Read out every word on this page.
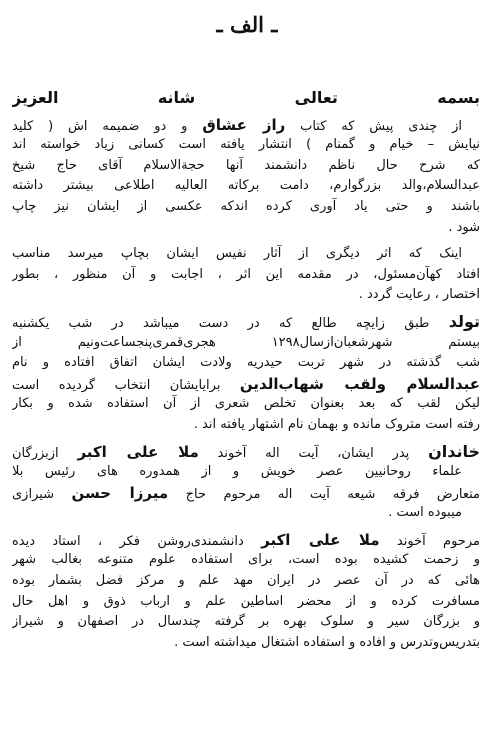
ـ الف ـ
بسمه تعالی شانه العزیز
از چندی پیش که کتاب راز عشاق و دو ضمیمه اش ( کلید
نیایش – خیام و گمنام ) انتشار یافته است کسانی زیاد خواسته اند
که شرح حال ناظم دانشمند آنها حجةالاسلام آقای حاج شیخ
عبدالسلام،والد بزرگوارم، دامت برکاته العالیه اطلاعی بیشتر داشته
باشند و حتی یاد آوری کرده اندکه عکسی از ایشان نیز چاپ
شود .
اینک که اثر دیگری از آثار نفیس ایشان بچاپ میرسد مناسب
افتاد کهآن‌مسئول، در مقدمه این اثر ، اجابت و آن منظور ، بطور
اختصار ، رعایت گردد .
تولد طبق زایچه طالع که در دست میباشد در شب یکشنبه
بیستم شهرشعبان‌ازسال۱۲۹۸ هجری‌قمری‌پنجساعت‌ونیم از
شب گذشته در شهر تربت حیدریه ولادت ایشان اتفاق افتاده و نام
عبدالسلام ولقب شهاب‌الدین برایایشان انتخاب گردیده است
لیکن لقب که بعد بعنوان تخلص شعری از آن استفاده شده و بکار
رفته است متروک مانده و بهمان نام اشتهار یافته اند .
خاندان پدر ایشان، آیت اله آخوند ملا علی اکبر ازبزرگان
علماء روحانیین عصر خویش و از همدوره های رئیس بلا
متعارض فرقه شیعه آیت اله مرحوم حاج میرزا حسن شیرازی
میبوده است .
مرحوم آخوند ملا علی اکبر دانشمندی‌روشن فکر ، استاد دیده
و زحمت کشیده بوده است، برای استفاده علوم متنوعه بغالب شهر
هائی که در آن عصر در ایران مهد علم و مرکز فضل بشمار بوده
مسافرت کرده و از محضر اساطین علم و ارباب ذوق و اهل حال
و بزرگان سیر و سلوک بهره بر گرفته چندسال در اصفهان و شیراز
بتدریس‌وتدرس و افاده و استفاده اشتغال میداشته است .
